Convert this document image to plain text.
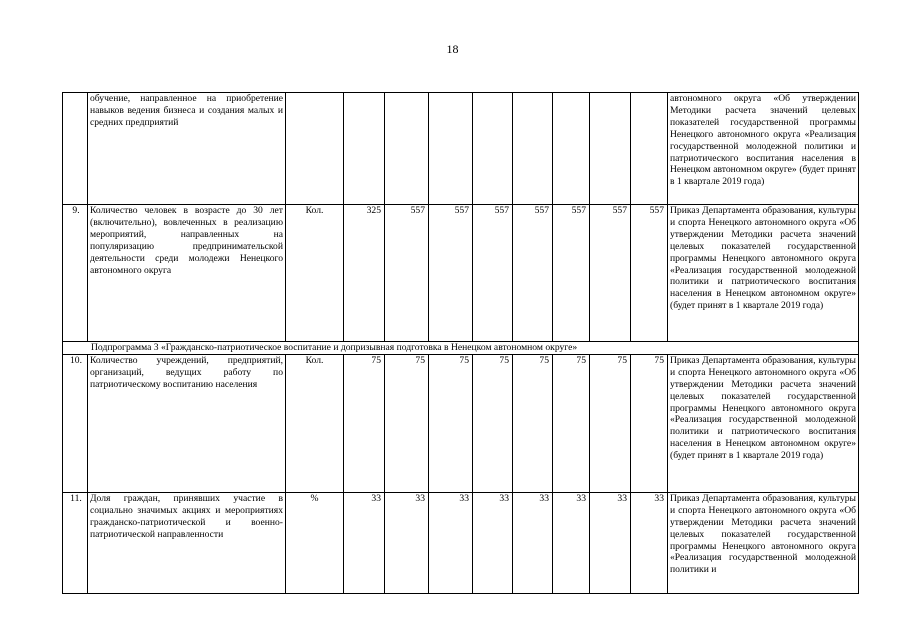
18
	обучение, направленное на приобретение навыков ведения бизнеса и создания малых и средних предприятий										автономного округа «Об утверждении Методики расчета значений целевых показателей государственной программы Ненецкого автономного округа «Реализация государственной молодежной политики и патриотического воспитания населения в Ненецком автономном округе» (будет принят в 1 квартале 2019 года)
9.	Количество человек в возрасте до 30 лет (включительно), вовлеченных в реализацию мероприятий, направленных на популяризацию предпринимательской деятельности среди молодежи Ненецкого автономного округа	Кол.	325	557	557	557	557	557	557	557	Приказ Департамента образования, культуры и спорта Ненецкого автономного округа «Об утверждении Методики расчета значений целевых показателей государственной программы Ненецкого автономного округа «Реализация государственной молодежной политики и патриотического воспитания населения в Ненецком автономном округе» (будет принят в 1 квартале 2019 года)
Подпрограмма 3 «Гражданско-патриотическое воспитание и допризывная подготовка в Ненецком автономном округе»											
10.	Количество учреждений, предприятий, организаций, ведущих работу по патриотическому воспитанию населения	Кол.	75	75	75	75	75	75	75	75	Приказ Департамента образования, культуры и спорта Ненецкого автономного округа «Об утверждении Методики расчета значений целевых показателей государственной программы Ненецкого автономного округа «Реализация государственной молодежной политики и патриотического воспитания населения в Ненецком автономном округе» (будет принят в 1 квартале 2019 года)
11.	Доля граждан, принявших участие в социально значимых акциях и мероприятиях гражданско-патриотической и военно-патриотической направленности	%	33	33	33	33	33	33	33	33	Приказ Департамента образования, культуры и спорта Ненецкого автономного округа «Об утверждении Методики расчета значений целевых показателей государственной программы Ненецкого автономного округа «Реализация государственной молодежной политики и
